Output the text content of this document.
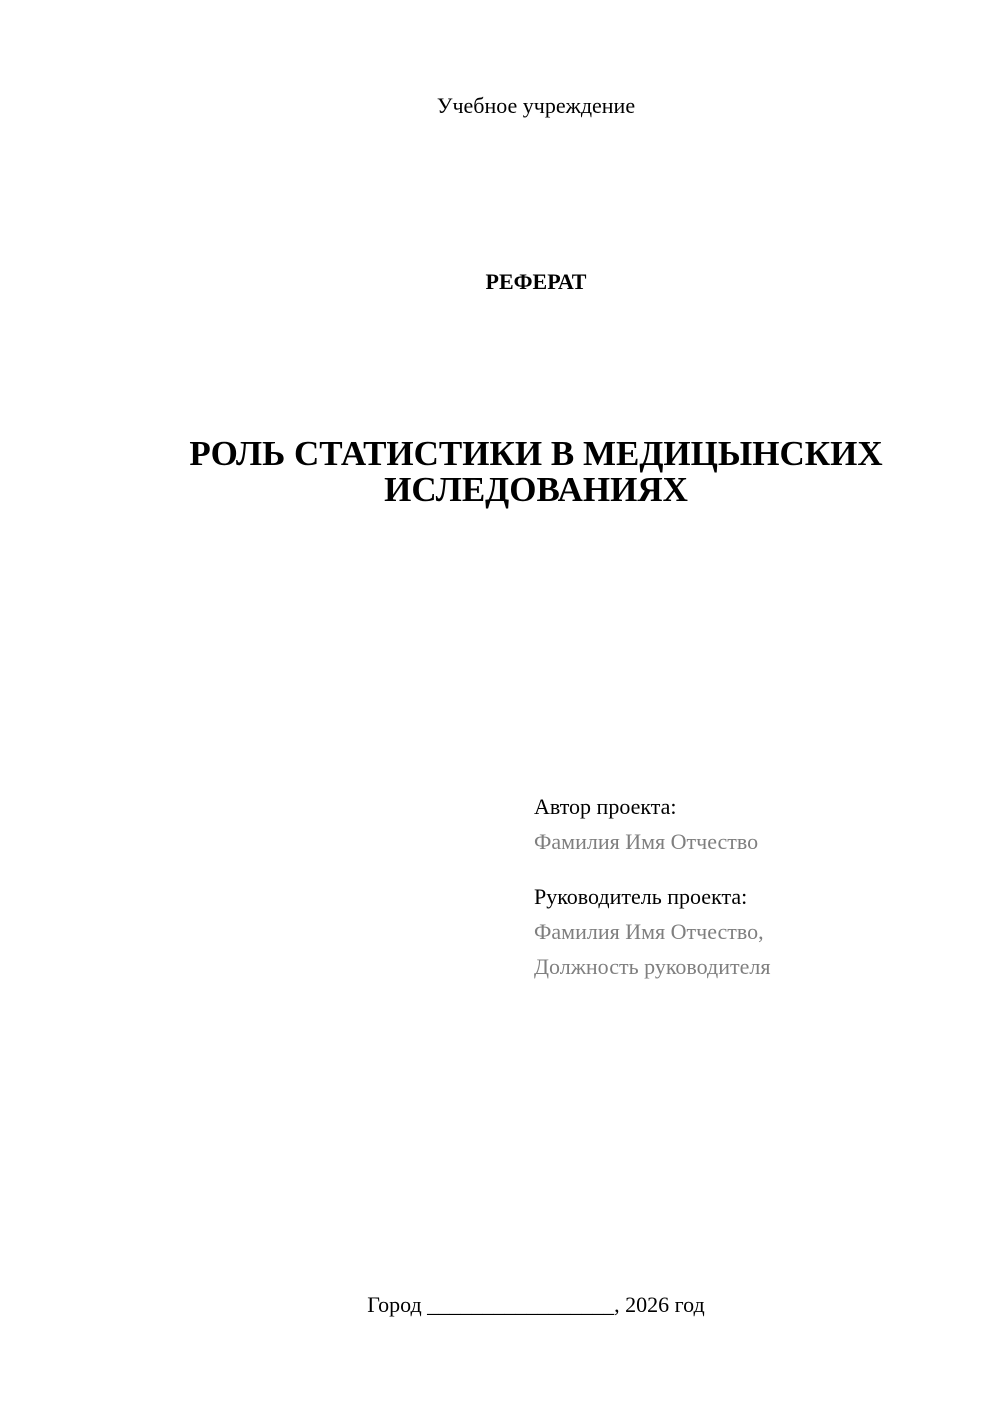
Учебное учреждение
РЕФЕРАТ
РОЛЬ СТАТИСТИКИ В МЕДИЦЫНСКИХ
ИСЛЕДОВАНИЯХ
Автор проекта:
Фамилия Имя Отчество
Руководитель проекта:
Фамилия Имя Отчество,
Должность руководителя
Город _________________, 2026 год
